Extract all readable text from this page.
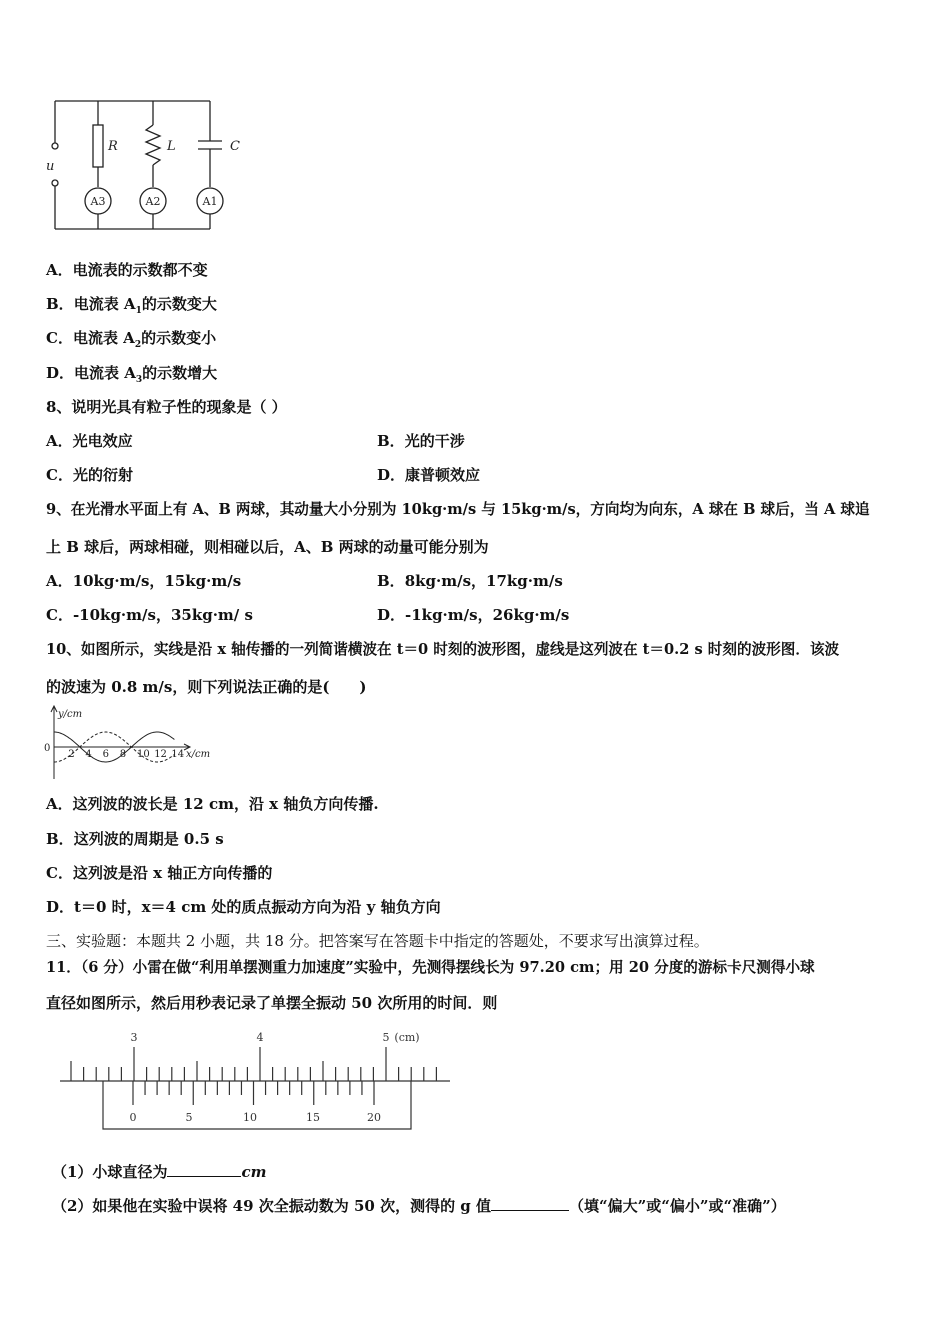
R	L	C
u
A3	A2	A1
A．电流表的示数都不变
B．电流表 $A_1$的示数变大
C．电流表 $A_2$的示数变小
D．电流表 $A_3$的示数增大
8、说明光具有粒子性的现象是（ ）
A．光电效应	B．光的干涉
C．光的衍射	D．康普顿效应
9、在光滑水平面上有 A、B 两球，其动量大小分别为 10kg·m/s 与 15kg·m/s，方向均为向东，A 球在 B 球后，当 A 球追
上 B 球后，两球相碰，则相碰以后，A、B 两球的动量可能分别为
A．10kg·m/s，15kg·m/s	B．8kg·m/s，17kg·m/s
C．-10kg·m/s，35kg·m/ s	D．-1kg·m/s，26kg·m/s
10、如图所示，实线是沿 x 轴传播的一列简谐横波在 t＝0 时刻的波形图，虚线是这列波在 t＝0.2 s 时刻的波形图．该波
的波速为 0.8 m/s，则下列说法正确的是(　　)
y/cm
0
2 4 6 8 10 12 14 x/cm
A．这列波的波长是 12 cm，沿 x 轴负方向传播.
B．这列波的周期是 0.5 s
C．这列波是沿 x 轴正方向传播的
D．t＝0 时，x＝4 cm 处的质点振动方向为沿 y 轴负方向
三、实验题：本题共 2 小题，共 18 分。把答案写在答题卡中指定的答题处，不要求写出演算过程。
11．（6 分）小雷在做“利用单摆测重力加速度”实验中，先测得摆线长为 97.20 cm；用 20 分度的游标卡尺测得小球
直径如图所示，然后用秒表记录了单摆全振动 50 次所用的时间．则
3	4	5 (cm)
0	5	10	15	20
（1）小球直径为	cm
（2）如果他在实验中误将 49 次全振动数为 50 次，测得的 g 值	（填“偏大”或“偏小”或“准确”）
